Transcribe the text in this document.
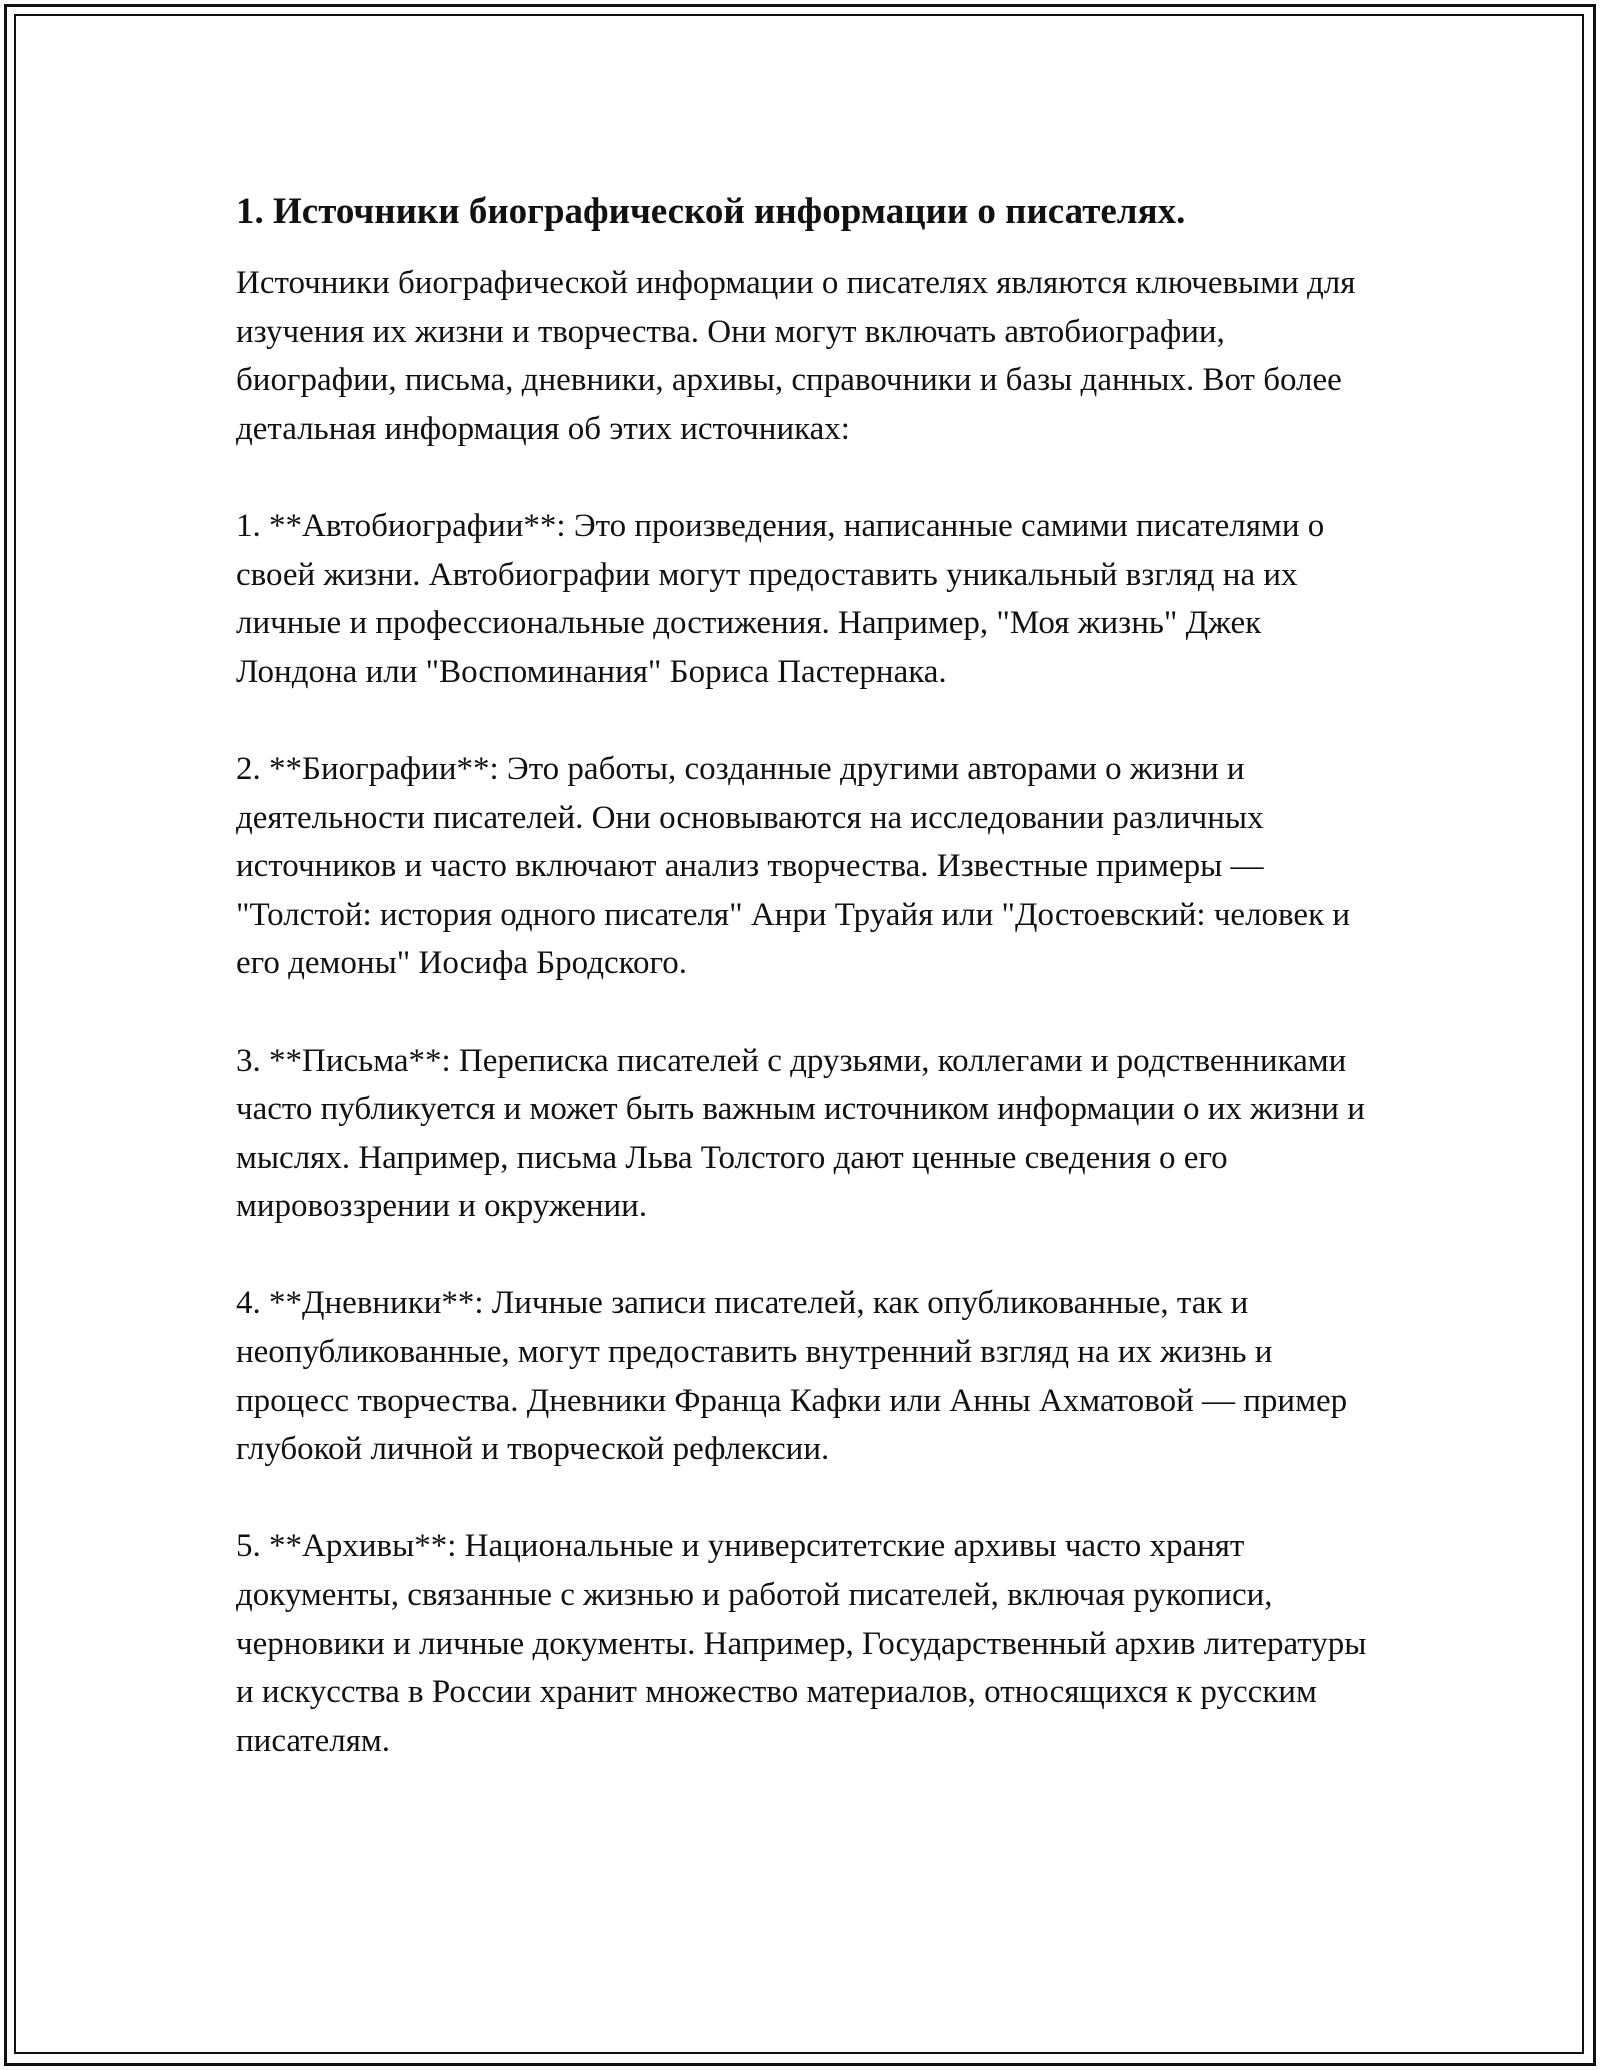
1. Источники биографической информации о писателях.

Источники биографической информации о писателях являются ключевыми для изучения их жизни и творчества. Они могут включать автобиографии, биографии, письма, дневники, архивы, справочники и базы данных. Вот более детальная информация об этих источниках:

1. **Автобиографии**: Это произведения, написанные самими писателями о своей жизни. Автобиографии могут предоставить уникальный взгляд на их личные и профессиональные достижения. Например, "Моя жизнь" Джек Лондона или "Воспоминания" Бориса Пастернака.

2. **Биографии**: Это работы, созданные другими авторами о жизни и деятельности писателей. Они основываются на исследовании различных источников и часто включают анализ творчества. Известные примеры — "Толстой: история одного писателя" Анри Труайя или "Достоевский: человек и его демоны" Иосифа Бродского.

3. **Письма**: Переписка писателей с друзьями, коллегами и родственниками часто публикуется и может быть важным источником информации о их жизни и мыслях. Например, письма Льва Толстого дают ценные сведения о его мировоззрении и окружении.

4. **Дневники**: Личные записи писателей, как опубликованные, так и неопубликованные, могут предоставить внутренний взгляд на их жизнь и процесс творчества. Дневники Франца Кафки или Анны Ахматовой — пример глубокой личной и творческой рефлексии.

5. **Архивы**: Национальные и университетские архивы часто хранят документы, связанные с жизнью и работой писателей, включая рукописи, черновики и личные документы. Например, Государственный архив литературы и искусства в России хранит множество материалов, относящихся к русским писателям.
